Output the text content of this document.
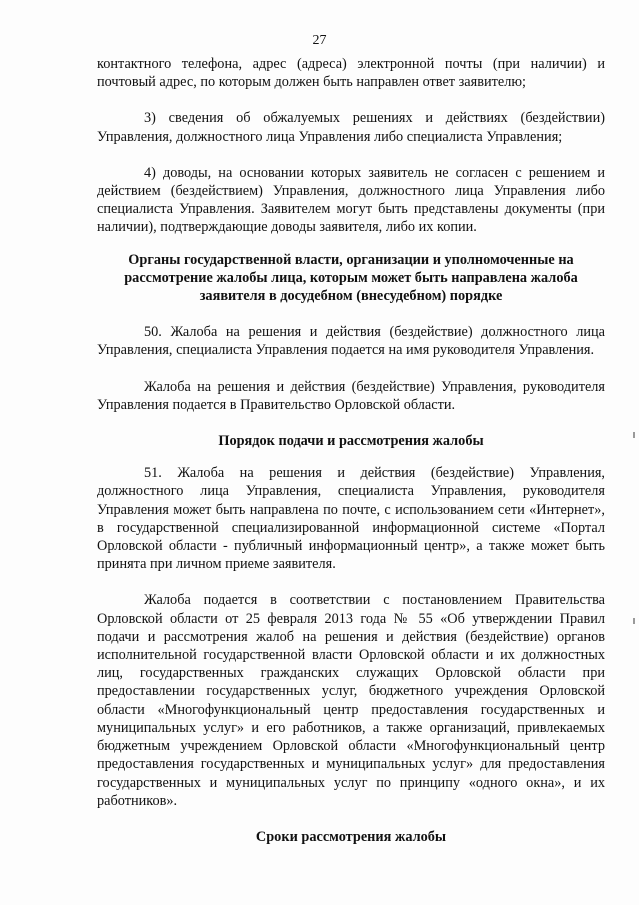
27

контактного телефона, адрес (адреса) электронной почты (при наличии) и почтовый адрес, по которым должен быть направлен ответ заявителю;

3) сведения об обжалуемых решениях и действиях (бездействии) Управления, должностного лица Управления либо специалиста Управления;

4) доводы, на основании которых заявитель не согласен с решением и действием (бездействием) Управления, должностного лица Управления либо специалиста Управления. Заявителем могут быть представлены документы (при наличии), подтверждающие доводы заявителя, либо их копии.

Органы государственной власти, организации и уполномоченные на рассмотрение жалобы лица, которым может быть направлена жалоба заявителя в досудебном (внесудебном) порядке

50. Жалоба на решения и действия (бездействие) должностного лица Управления, специалиста Управления подается на имя руководителя Управления.

Жалоба на решения и действия (бездействие) Управления, руководителя Управления подается в Правительство Орловской области.

Порядок подачи и рассмотрения жалобы

51. Жалоба на решения и действия (бездействие) Управления, должностного лица Управления, специалиста Управления, руководителя Управления может быть направлена по почте, с использованием сети «Интернет», в государственной специализированной информационной системе «Портал Орловской области - публичный информационный центр», а также может быть принята при личном приеме заявителя.

Жалоба подается в соответствии с постановлением Правительства Орловской области от 25 февраля 2013 года № 55 «Об утверждении Правил подачи и рассмотрения жалоб на решения и действия (бездействие) органов исполнительной государственной власти Орловской области и их должностных лиц, государственных гражданских служащих Орловской области при предоставлении государственных услуг, бюджетного учреждения Орловской области «Многофункциональный центр предоставления государственных и муниципальных услуг» и его работников, а также организаций, привлекаемых бюджетным учреждением Орловской области «Многофункциональный центр предоставления государственных и муниципальных услуг» для предоставления государственных и муниципальных услуг по принципу «одного окна», и их работников».

Сроки рассмотрения жалобы
